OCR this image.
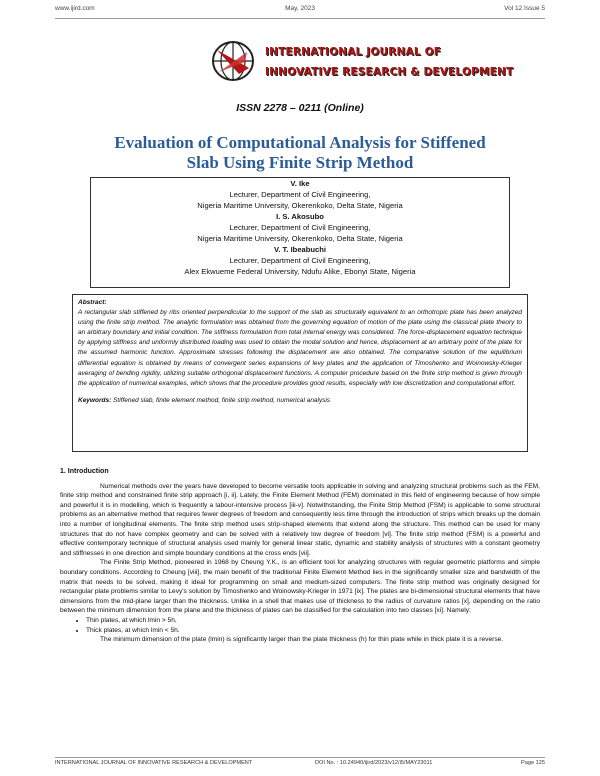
www.ijird.com	May, 2023	Vol 12 Issue 5
INTERNATIONAL JOURNAL OF
INNOVATIVE RESEARCH & DEVELOPMENT
ISSN 2278 – 0211 (Online)
Evaluation of Computational Analysis for Stiffened
Slab Using Finite Strip Method
V. Ike
Lecturer, Department of Civil Engineering,
Nigeria Maritime University, Okerenkoko, Delta State, Nigeria
I. S. Akosubo
Lecturer, Department of Civil Engineering,
Nigeria Maritime University, Okerenkoko, Delta State, Nigeria
V. T. Ibeabuchi
Lecturer, Department of Civil Engineering,
Alex Ekwueme Federal University, Ndufu Alike, Ebonyi State, Nigeria
Abstract:
A rectangular slab stiffened by ribs oriented perpendicular to the support of the slab as structurally equivalent to an orthotropic plate has been analyzed using the finite strip method. The analytic formulation was obtained from the governing equation of motion of the plate using the classical plate theory to an arbitrary boundary and initial condition. The stiffness formulation from total internal energy was considered. The force-displacement equation technique by applying stiffness and uniformly distributed loading was used to obtain the modal solution and hence, displacement at an arbitrary point of the plate for the assumed harmonic function. Approximate stresses following the displacement are also obtained. The comparative solution of the equilibrium differential equation is obtained by means of convergent series expansions of levy plates and the application of Timoshenko and Woinowsky-Krieger averaging of bending rigidity, utilizing suitable orthogonal displacement functions. A computer procedure based on the finite strip method is given through the application of numerical examples, which shows that the procedure provides good results, especially with low discretization and computational effort.
Keywords: Stiffened slab, finite element method, finite strip method, numerical analysis
1. Introduction

Numerical methods over the years have developed to become versatile tools applicable in solving and analyzing structural problems such as the FEM, finite strip method and constrained finite strip approach [i, ii]. Lately, the Finite Element Method (FEM) dominated in this field of engineering because of how simple and powerful it is in modelling, which is frequently a labour-intensive process [iii-v]. Notwithstanding, the Finite Strip Method (FSM) is applicable to some structural problems as an alternative method that requires fewer degrees of freedom and consequently less time through the introduction of strips which breaks up the domain into a number of longitudinal elements. The finite strip method uses strip-shaped elements that extend along the structure. This method can be used for many structures that do not have complex geometry and can be solved with a relatively low degree of freedom [vi]. The finite strip method (FSM) is a powerful and effective contemporary technique of structural analysis used mainly for general linear static, dynamic and stability analysis of structures with a constant geometry and stiffnesses in one direction and simple boundary conditions at the cross ends [vii].

The Finite Strip Method, pioneered in 1968 by Cheung Y.K., is an efficient tool for analyzing structures with regular geometric platforms and simple boundary conditions. According to Cheung [viii], the main benefit of the traditional Finite Element Method lies in the significantly smaller size and bandwidth of the matrix that needs to be solved, making it ideal for programming on small and medium-sized computers. The finite strip method was originally designed for rectangular plate problems similar to Levy's solution by Timoshenko and Woinowsky-Krieger in 1971 [ix]. The plates are bi-dimensional structural elements that have dimensions from the mid-plane larger than the thickness. Unlike in a shell that makes use of thickness to the radius of curvature ratios [x], depending on the ratio between the minimum dimension from the plane and the thickness of plates can be classified for the calculation into two classes [xi]. Namely:

• Thin plates, at which lmin > 5h,
• Thick plates, at which lmin < 5h.

The minimum dimension of the plate (lmin) is significantly larger than the plate thickness (h) for thin plate while in thick plate it is a reverse.

INTERNATIONAL JOURNAL OF INNOVATIVE RESEARCH & DEVELOPMENT	DOI No. : 10.24940/ijird/2023/v12/i5/MAY23011	Page 125
